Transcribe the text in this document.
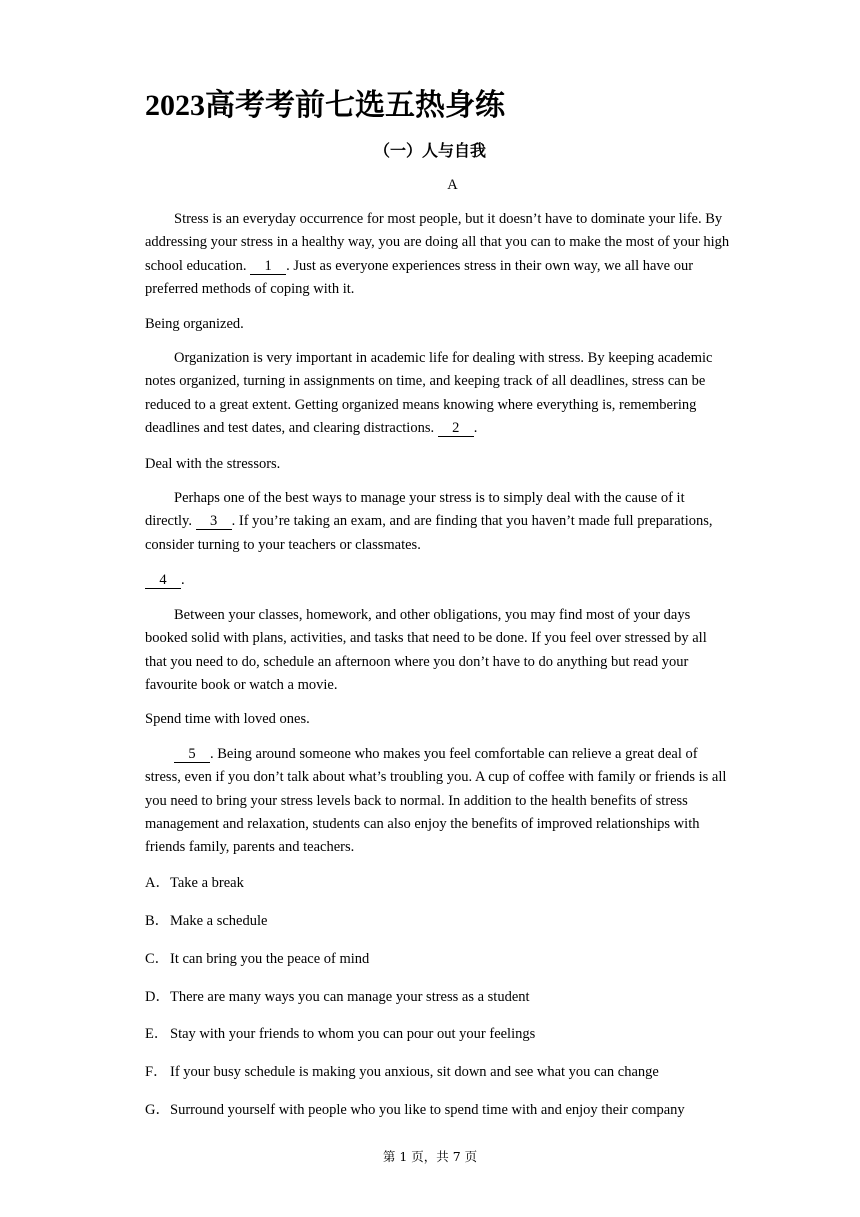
2023高考考前七选五热身练
（一）人与自我
A

Stress is an everyday occurrence for most people, but it doesn’t have to dominate your life. By addressing your stress in a healthy way, you are doing all that you can to make the most of your high school education. 1 . Just as everyone experiences stress in their own way, we all have our preferred methods of coping with it.

Being organized.

Organization is very important in academic life for dealing with stress. By keeping academic notes organized, turning in assignments on time, and keeping track of all deadlines, stress can be reduced to a great extent. Getting organized means knowing where everything is, remembering deadlines and test dates, and clearing distractions. 2 .

Deal with the stressors.

Perhaps one of the best ways to manage your stress is to simply deal with the cause of it directly. 3 . If you’re taking an exam, and are finding that you haven’t made full preparations, consider turning to your teachers or classmates.

4 .

Between your classes, homework, and other obligations, you may find most of your days booked solid with plans, activities, and tasks that need to be done. If you feel over stressed by all that you need to do, schedule an afternoon where you don’t have to do anything but read your favourite book or watch a movie.

Spend time with loved ones.

5 . Being around someone who makes you feel comfortable can relieve a great deal of stress, even if you don’t talk about what’s troubling you. A cup of coffee with family or friends is all you need to bring your stress levels back to normal. In addition to the health benefits of stress management and relaxation, students can also enjoy the benefits of improved relationships with friends family, parents and teachers.

A．Take a break
B．Make a schedule
C．It can bring you the peace of mind
D．There are many ways you can manage your stress as a student
E． Stay with your friends to whom you can pour out your feelings
F． If your busy schedule is making you anxious, sit down and see what you can change
G．Surround yourself with people who you like to spend time with and enjoy their company
第 1 页，共 7 页
